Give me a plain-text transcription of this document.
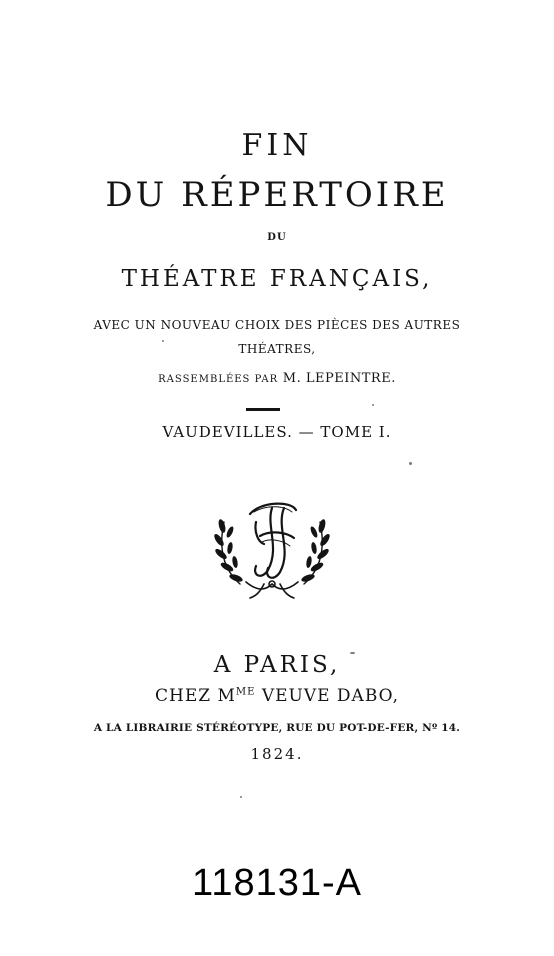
FIN
DU RÉPERTOIRE
DU
THÉATRE FRANÇAIS,
AVEC UN NOUVEAU CHOIX DES PIÈCES DES AUTRES
THÉATRES,
RASSEMBLÉES PAR M. LEPEINTRE.
VAUDEVILLES. — TOME I.
A PARIS,
CHEZ $M^{ME}$ VEUVE DABO,
A LA LIBRAIRIE STÉRÉOTYPE, RUE DU POT-DE-FER, Nº 14.
1824.
118131-A
